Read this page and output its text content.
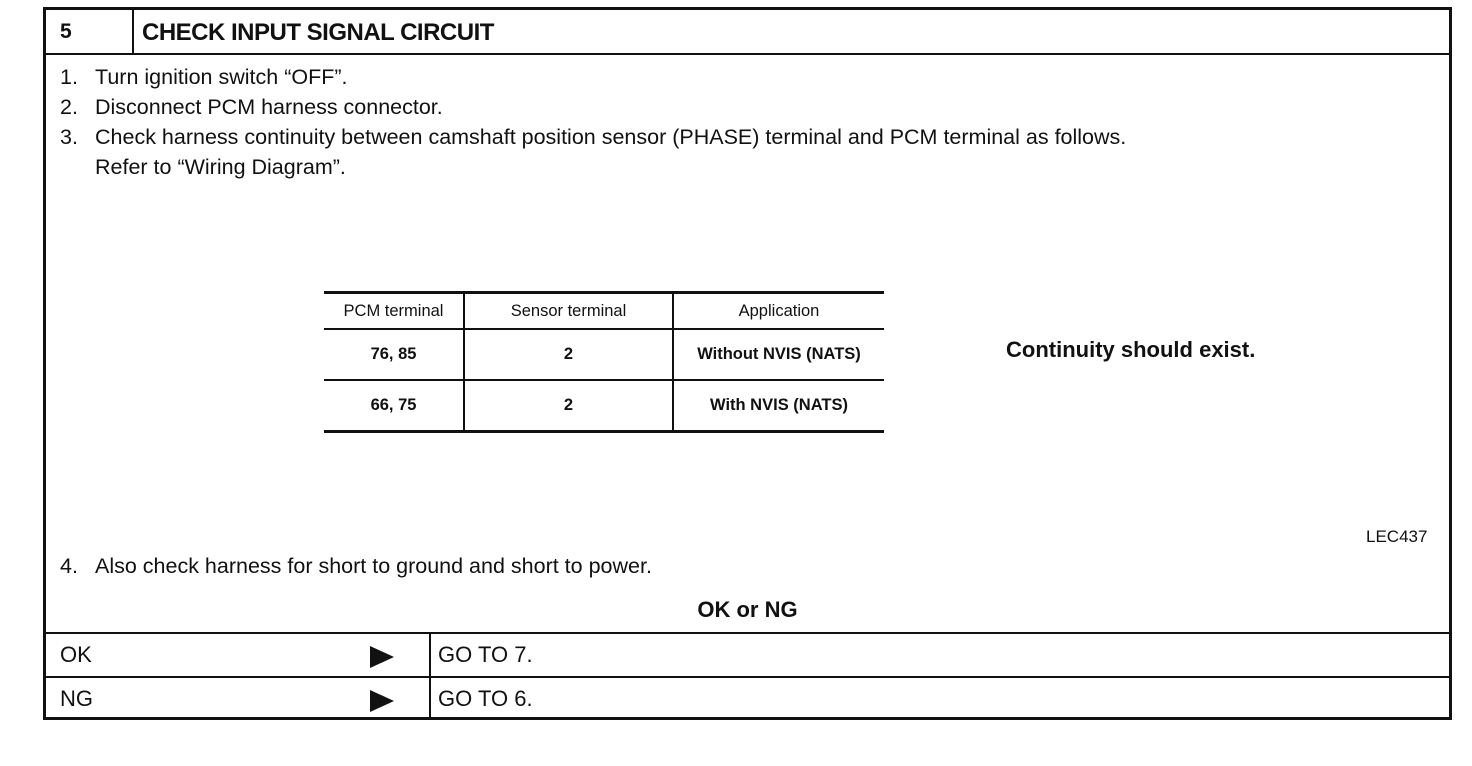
5	CHECK INPUT SIGNAL CIRCUIT
1. Turn ignition switch “OFF”.
2. Disconnect PCM harness connector.
3. Check harness continuity between camshaft position sensor (PHASE) terminal and PCM terminal as follows.
Refer to “Wiring Diagram”.
PCM terminal	Sensor terminal	Application
76, 85	2	Without NVIS (NATS)
66, 75	2	With NVIS (NATS)
Continuity should exist.
LEC437
4. Also check harness for short to ground and short to power.
OK or NG
OK	GO TO 7.
NG	GO TO 6.
